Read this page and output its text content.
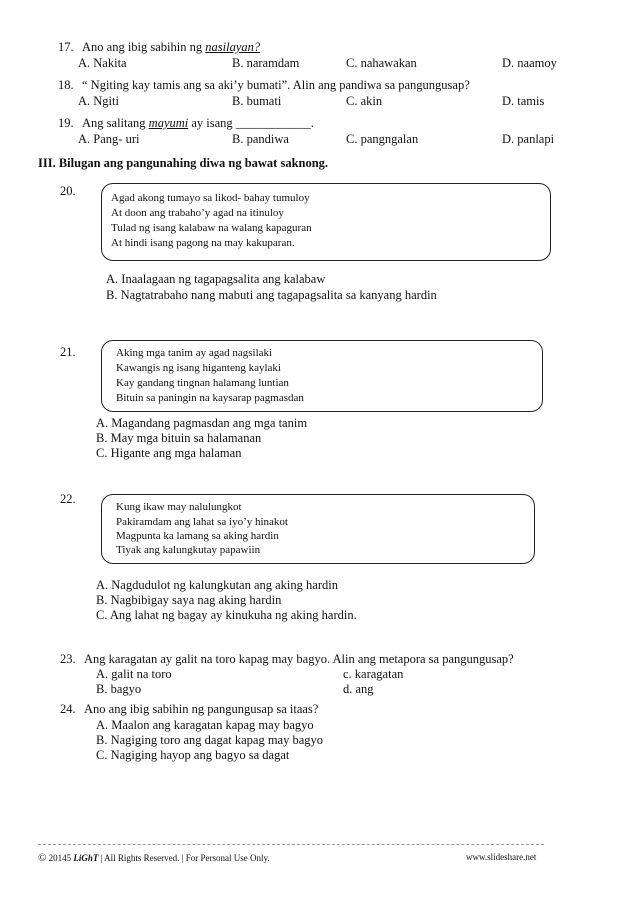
17. Ano ang ibig sabihin ng nasilayan?
A. Nakita	B. naramdam	C. nahawakan	D. naamoy
18. “ Ngiting kay tamis ang sa aki’y bumati”. Alin ang pandiwa sa pangungusap?
A. Ngiti	B. bumati	C. akin	D. tamis
19. Ang salitang mayumi ay isang ____________.
A. Pang- uri	B. pandiwa	C. pangngalan	D. panlapi
III. Bilugan ang pangunahing diwa ng bawat saknong.
20.	Agad akong tumayo sa likod- bahay tumuloy
At doon ang trabaho’y agad na itinuloy
Tulad ng isang kalabaw na walang kapaguran
At hindi isang pagong na may kakuparan.
A. Inaalagaan ng tagapagsalita ang kalabaw
B. Nagtatrabaho nang mabuti ang tagapagsalita sa kanyang hardin
21.	Aking mga tanim ay agad nagsilaki
Kawangis ng isang higanteng kaylaki
Kay gandang tingnan halamang luntian
Bituin sa paningin na kaysarap pagmasdan
A. Magandang pagmasdan ang mga tanim
B. May mga bituin sa halamanan
C. Higante ang mga halaman
22.
Kung ikaw may nalulungkot
Pakiramdam ang lahat sa iyo’y hinakot
Magpunta ka lamang sa aking hardin
Tiyak ang kalungkutay papawiin
A. Nagdudulot ng kalungkutan ang aking hardin
B. Nagbibigay saya nag aking hardin
C. Ang lahat ng bagay ay kinukuha ng aking hardin.
23. Ang karagatan ay galit na toro kapag may bagyo. Alin ang metapora sa pangungusap?
A. galit na toro	c. karagatan
B. bagyo	d. ang
24. Ano ang ibig sabihin ng pangungusap sa itaas?
A. Maalon ang karagatan kapag may bagyo
B. Nagiging toro ang dagat kapag may bagyo
C. Nagiging hayop ang bagyo sa dagat
© 20145 LiGhT | All Rights Reserved. | For Personal Use Only.	www.slideshare.net
